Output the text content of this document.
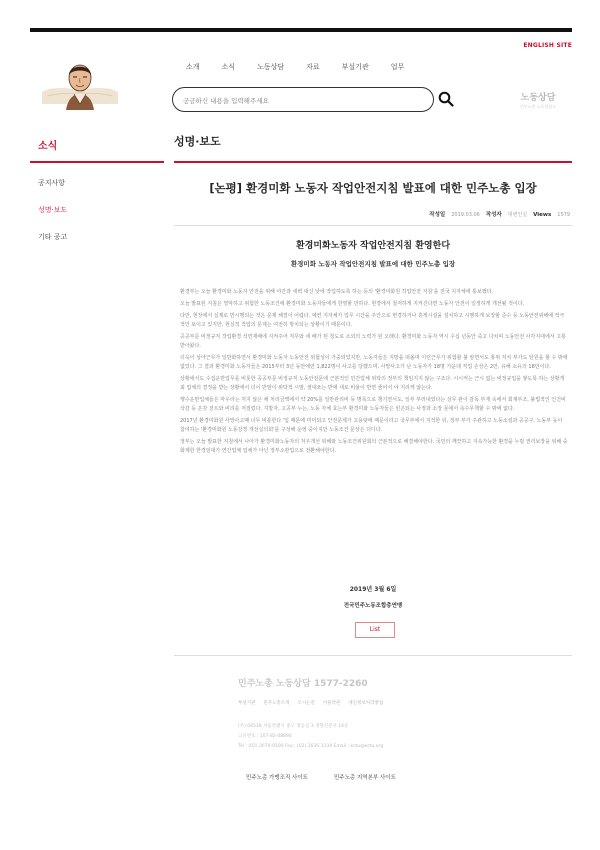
ENGLISH SITE
소개	소식	노동상담	자료	부설기관	업무
궁금하신 내용을 입력해주세요
노동상담
민주노총 노동상담소
소식
공지사항
성명·보도
기타 공고
성명·보도
[논평] 환경미화 노동자 작업안전지침 발표에 대한 민주노총 입장
작성일 2019.03.06 작성자 대변인실 Views 1579
환경미화노동자 작업안전지침 환영한다
환경미화 노동자 작업안전지침 발표에 대한 민주노총 입장

환경부는 오늘 환경미화 노동자 안전을 위해 야간과 새벽 대신 낮에 작업하도록 하는 등의 '환경미화원 작업안전 지침'을 전국 지자체에 통보했다.

오늘 발표된 지침은 열악하고 위험한 노동조건에 환경미화 노동자들에게 한영할 만하다. 현장에서 철저하게 지켜진다면 노동자 안전이 일정하게 개선될 것이다.

다만, 현장에서 실제로 반시행되는 것은 문제 해결이 어렵다. 예컨 지자체가 업무 시간을 주간으로 변경하거나 휴게시설을 설치하고 시행하게 보장할 준수 등 노동안전위해에 적극적인 보이고 있지만, 현실적 작업의 문제는 여전히 방치되는 상황이기 때문이다.

공공부문 비정규직 작업환경 석면재배에 지켜주어 직무와 세 배가 된 청도로 소외의 노력가 된 오래다. 환경미화 노동자 역시 수십 년동안 죽고 다치며 노동안전 사각지대에서 고통받아왔다.

더욱이 상아근무가 일반화하면서 환경미화 노동자 노동안전 위협성이 가중되었지만, 노동자들은 지방을 떠올며 이런근무가 위험할 불 알면서도 홍위 처치 부가도 탄원을 할 수 밖에 없었다. 그 결과 환경미화 노동자들은 2015부터 3년 동안에만 1,822명이 사고를 당했으며, 사망사고가 난 노동자가 18명 가운데 직업 손상은 2만, 유해 소유의 18만이다.

상황에서도 수집운반업무를 비롯한 공공부문 비정규직 노동안전문에 근본적인 민간업체 위탁의 정부의 책임지지 않는 구조다. 시시켜는 근시 없는 비정규업을 쌓도록 하는 상황개최 업체의 결정을 받는 상황에서 더이 반말이 위탁적 시발, 절대쏘는 반에 새로 비율이 반면 줄어서 야 지리케 않는다.

행수운반업체들은 마우라는 처지 않은 채 처리금액에서 약 20%를 일반관리비 등 명목으로 챙기면서도, 일부 부러내었다는 상무 관이 감독 부재 속에서 회계부조, 불법적인 인건비 삭감 등 온갖 전트와 비리를 저질렀다. 지방자, 고공부 누는, 노동 자체 효는부 환경미화 노동자들은 빈곤되는 사정과 소장 못에서 속수무책할 수 밖에 없다.

2017년 환경미화원 사망사고때 너무 비통한다 '입 때문에 미미되고 안전문제가 고용탓에 때문이라고 국무부에서 지적한 뒤, 정부 부가 주관하고 노동소설과 공공구, 노동부 등이 참여하는 '환경미화원 노동강경 개선실의회'를 구성해 운영 중이지만 노동조건 문상은 더디다.

정부는 오늘 발표한 지침에서 나아가 환경미화노동자의 처우개선 위해와 노동조건위원회의 근본적으로 해결해야한다. 국민의 깨끗하고 지속가능한 환경을 누릴 권리보장을 위해 중화제한 한경임대가 연간업체 업체가 아닌 정부소관업으로 전환해야한다.

2019년 3월 6일
전국민주노동조합총연맹
List
민주노총 노동상담 1577-2260
부설기관 민주노총소개 오시는길 이용약관 개인정보처리방침
(우) 04518 서울특별시 중구 정동길 3 경향신문사 14층
고유번호 : 107-82-08890
Tel : (02) 2670-9100 Fax : (02) 2635-1134 Email : kctu@kctu.org
민주노총 가맹조직 사이트	민주노총 지역본부 사이트
